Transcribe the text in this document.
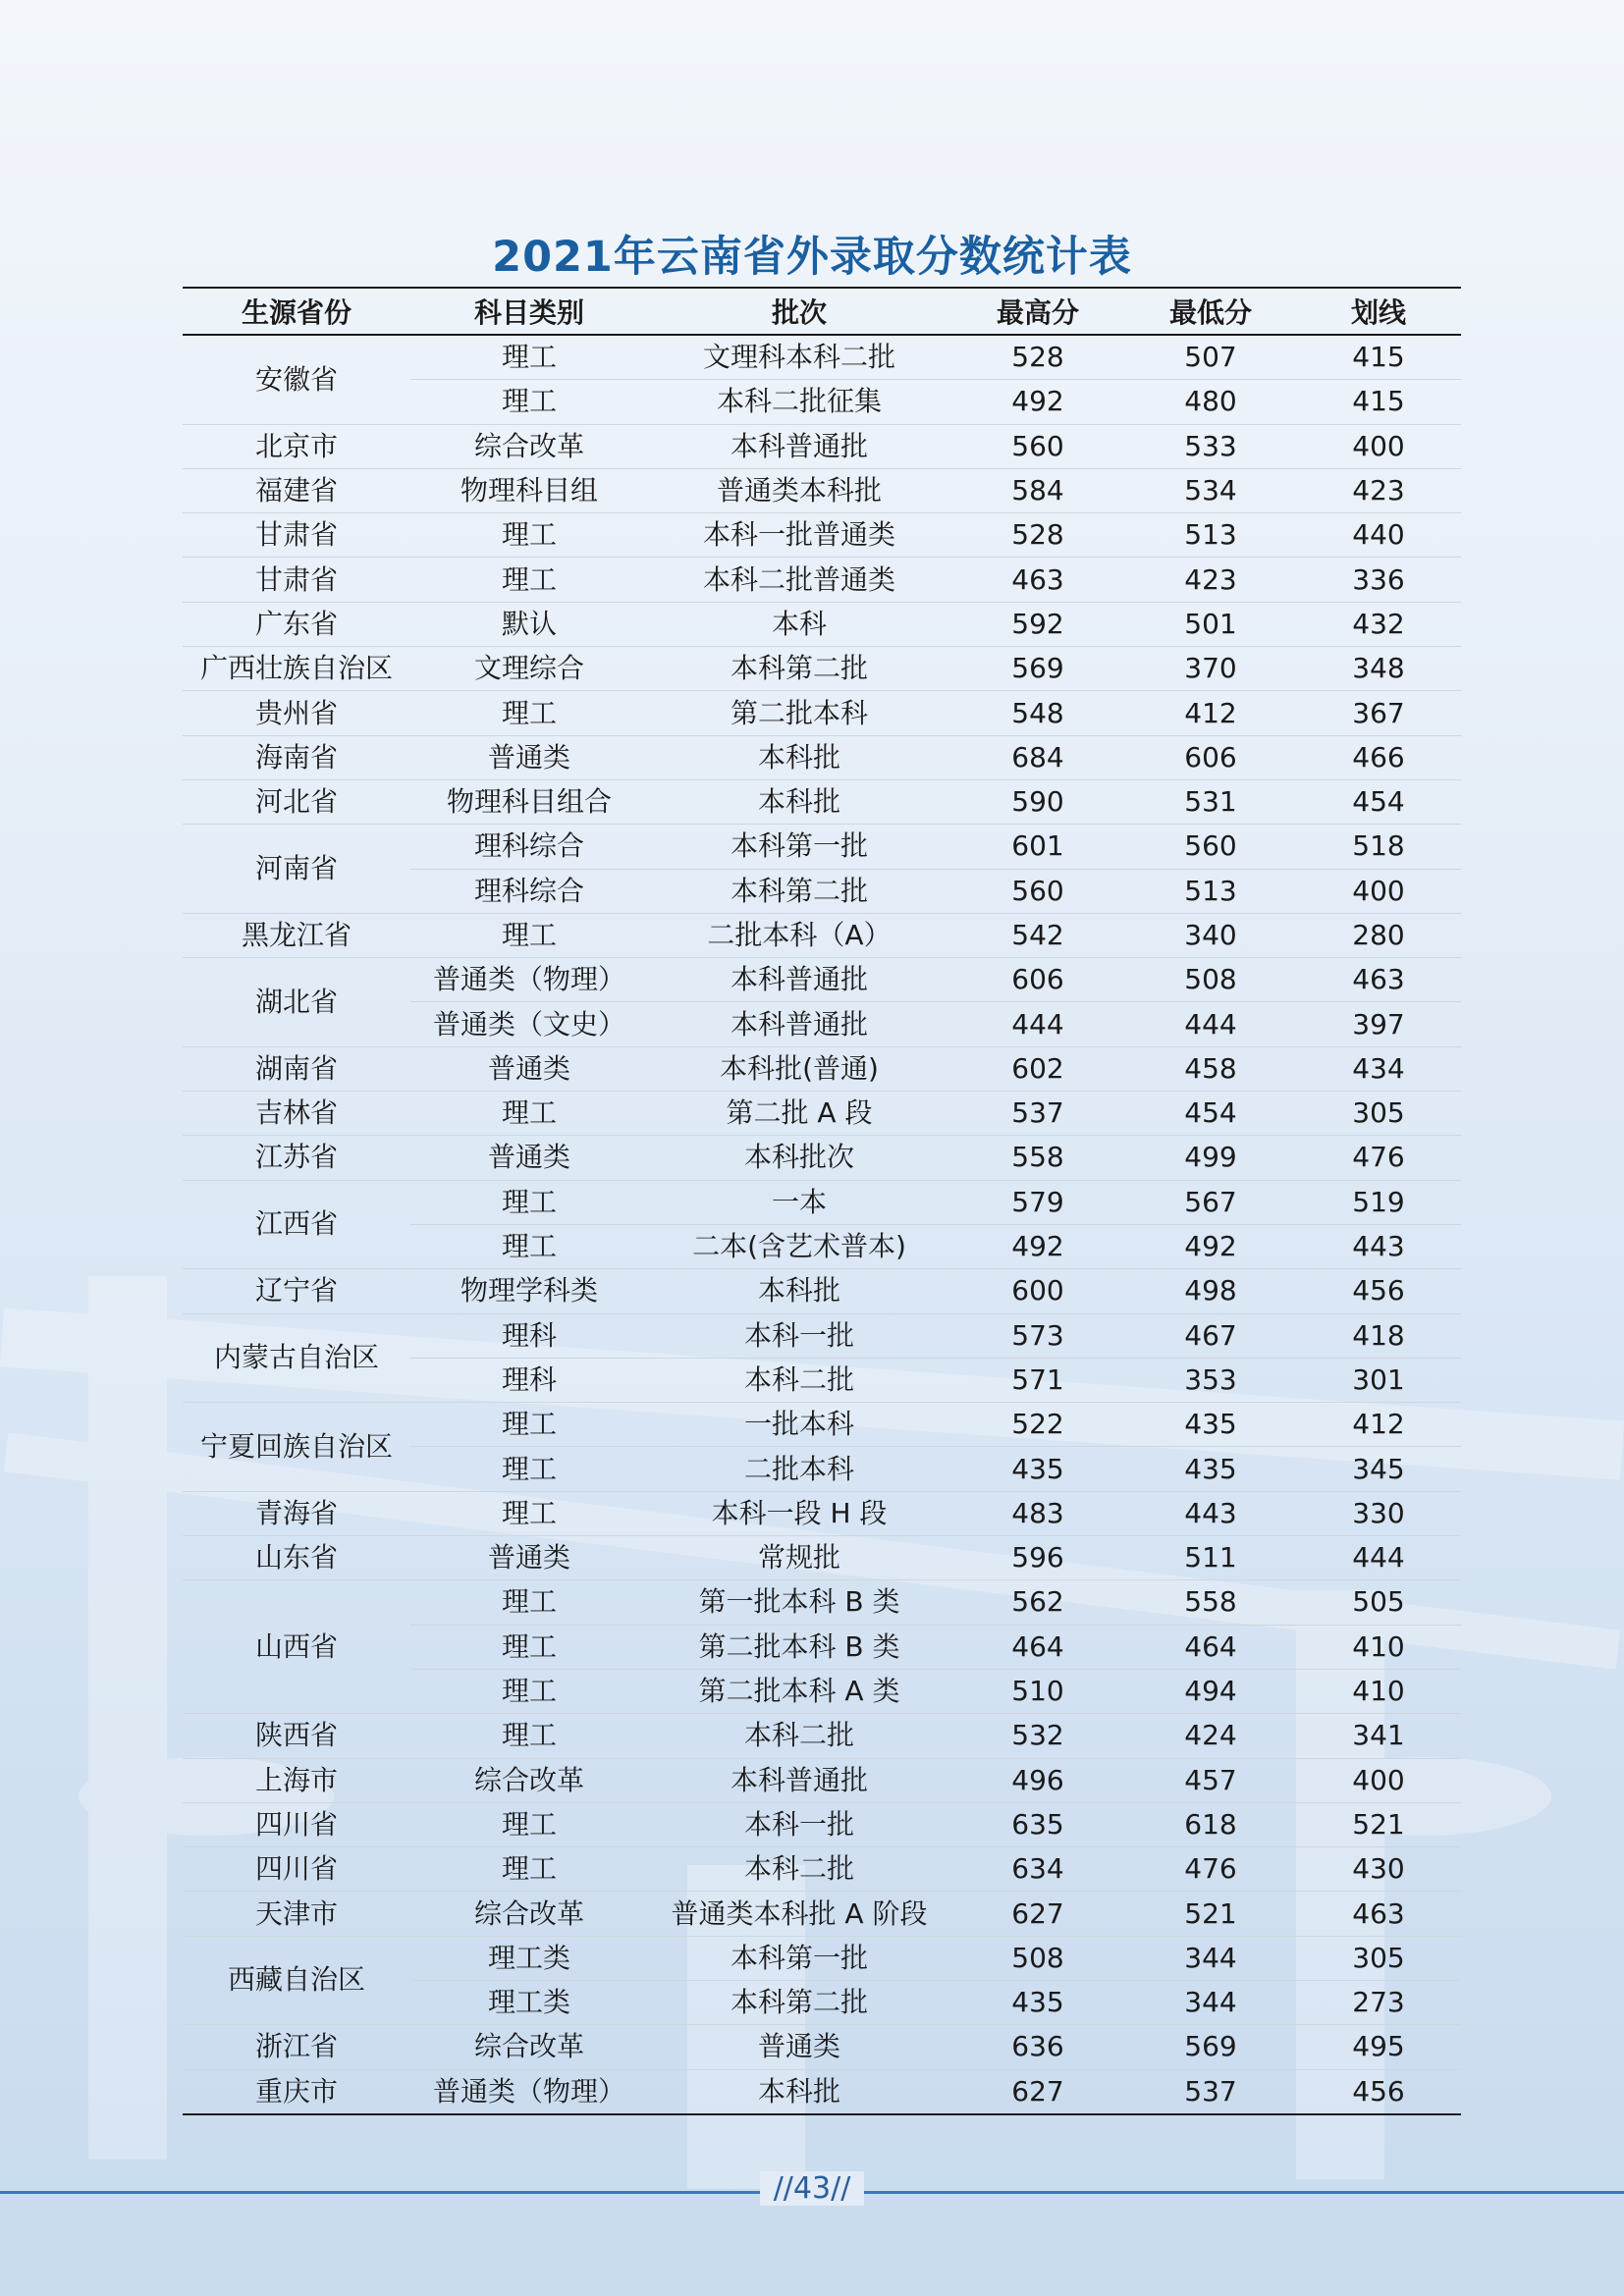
2021年云南省外录取分数统计表
生源省份	科目类别	批次	最高分	最低分	划线
安徽省	理工	文理科本科二批	528	507	415
	理工	本科二批征集	492	480	415
北京市	综合改革	本科普通批	560	533	400
福建省	物理科目组	普通类本科批	584	534	423
甘肃省	理工	本科一批普通类	528	513	440
甘肃省	理工	本科二批普通类	463	423	336
广东省	默认	本科	592	501	432
广西壮族自治区	文理综合	本科第二批	569	370	348
贵州省	理工	第二批本科	548	412	367
海南省	普通类	本科批	684	606	466
河北省	物理科目组合	本科批	590	531	454
河南省	理科综合	本科第一批	601	560	518
	理科综合	本科第二批	560	513	400
黑龙江省	理工	二批本科（A）	542	340	280
湖北省	普通类（物理）	本科普通批	606	508	463
	普通类（文史）	本科普通批	444	444	397
湖南省	普通类	本科批(普通)	602	458	434
吉林省	理工	第二批 A 段	537	454	305
江苏省	普通类	本科批次	558	499	476
江西省	理工	一本	579	567	519
	理工	二本(含艺术普本)	492	492	443
辽宁省	物理学科类	本科批	600	498	456
内蒙古自治区	理科	本科一批	573	467	418
	理科	本科二批	571	353	301
宁夏回族自治区	理工	一批本科	522	435	412
	理工	二批本科	435	435	345
青海省	理工	本科一段 H 段	483	443	330
山东省	普通类	常规批	596	511	444
山西省	理工	第一批本科 B 类	562	558	505
	理工	第二批本科 B 类	464	464	410
	理工	第二批本科 A 类	510	494	410
陕西省	理工	本科二批	532	424	341
上海市	综合改革	本科普通批	496	457	400
四川省	理工	本科一批	635	618	521
四川省	理工	本科二批	634	476	430
天津市	综合改革	普通类本科批 A 阶段	627	521	463
西藏自治区	理工类	本科第一批	508	344	305
	理工类	本科第二批	435	344	273
浙江省	综合改革	普通类	636	569	495
重庆市	普通类（物理）	本科批	627	537	456
//43//
